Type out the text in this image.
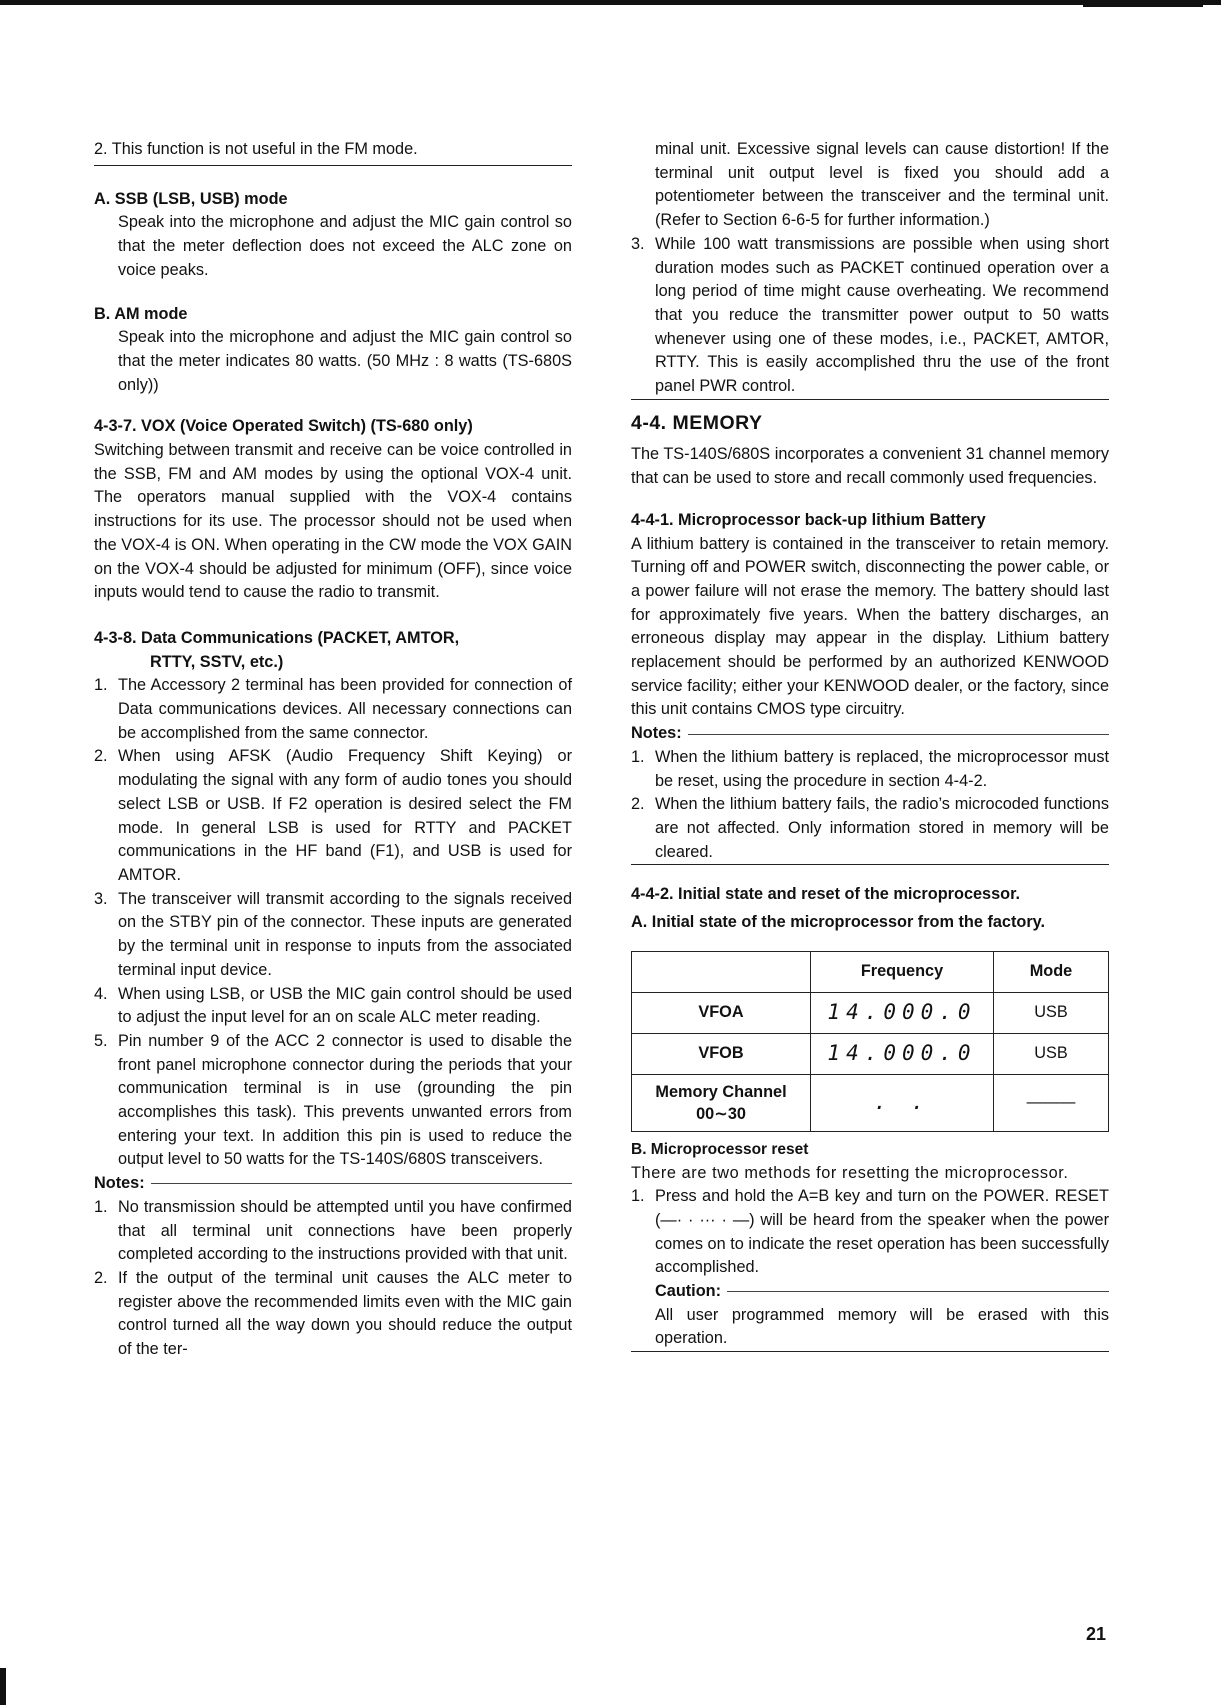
2. This function is not useful in the FM mode.

A. SSB (LSB, USB) mode

Speak into the microphone and adjust the MIC gain control so that the meter deflection does not exceed the ALC zone on voice peaks.

B. AM mode

Speak into the microphone and adjust the MIC gain control so that the meter indicates 80 watts. (50 MHz : 8 watts (TS-680S only))

4-3-7. VOX (Voice Operated Switch) (TS-680 only)

Switching between transmit and receive can be voice controlled in the SSB, FM and AM modes by using the optional VOX-4 unit. The operators manual supplied with the VOX-4 contains instructions for its use. The processor should not be used when the VOX-4 is ON. When operating in the CW mode the VOX GAIN on the VOX-4 should be adjusted for minimum (OFF), since voice inputs would tend to cause the radio to transmit.

4-3-8. Data Communications (PACKET, AMTOR,

RTTY, SSTV, etc.)

1. The Accessory 2 terminal has been provided for connection of Data communications devices. All necessary connections can be accomplished from the same connector.
2. When using AFSK (Audio Frequency Shift Keying) or modulating the signal with any form of audio tones you should select LSB or USB. If F2 operation is desired select the FM mode. In general LSB is used for RTTY and PACKET communications in the HF band (F1), and USB is used for AMTOR.
3. The transceiver will transmit according to the signals received on the STBY pin of the connector. These inputs are generated by the terminal unit in response to inputs from the associated terminal input device.
4. When using LSB, or USB the MIC gain control should be used to adjust the input level for an on scale ALC meter reading.
5. Pin number 9 of the ACC 2 connector is used to disable the front panel microphone connector during the periods that your communication terminal is in use (grounding the pin accomplishes this task). This prevents unwanted errors from entering your text. In addition this pin is used to reduce the output level to 50 watts for the TS-140S/680S transceivers.
Notes:
1. No transmission should be attempted until you have confirmed that all terminal unit connections have been properly completed according to the instructions provided with that unit.
2. If the output of the terminal unit causes the ALC meter to register above the recommended limits even with the MIC gain control turned all the way down you should reduce the output of the ter-

minal unit. Excessive signal levels can cause distortion! If the terminal unit output level is fixed you should add a potentiometer between the transceiver and the terminal unit. (Refer to Section 6-6-5 for further information.)

3. While 100 watt transmissions are possible when using short duration modes such as PACKET continued operation over a long period of time might cause overheating. We recommend that you reduce the transmitter power output to 50 watts whenever using one of these modes, i.e., PACKET, AMTOR, RTTY. This is easily accomplished thru the use of the front panel PWR control.

4-4. MEMORY

The TS-140S/680S incorporates a convenient 31 channel memory that can be used to store and recall commonly used frequencies.

4-4-1. Microprocessor back-up lithium Battery

A lithium battery is contained in the transceiver to retain memory. Turning off and POWER switch, disconnecting the power cable, or a power failure will not erase the memory. The battery should last for approximately five years. When the battery discharges, an erroneous display may appear in the display. Lithium battery replacement should be performed by an authorized KENWOOD service facility; either your KENWOOD dealer, or the factory, since this unit contains CMOS type circuitry.

Notes:
1. When the lithium battery is replaced, the microprocessor must be reset, using the procedure in section 4-4-2.
2. When the lithium battery fails, the radio’s microcoded functions are not affected. Only information stored in memory will be cleared.

4-4-2. Initial state and reset of the microprocessor.

A. Initial state of the microprocessor from the factory.

	Frequency	Mode
VFOA	14.000.0	USB
VFOB	14.000.0	USB
Memory Channel
00∼30	. .	———

B. Microprocessor reset

There are two methods for resetting the microprocessor.

1. Press and hold the A=B key and turn on the POWER. RESET (—· · ··· · —) will be heard from the speaker when the power comes on to indicate the reset operation has been successfully accomplished.
Caution:

All user programmed memory will be erased with this operation.

21
